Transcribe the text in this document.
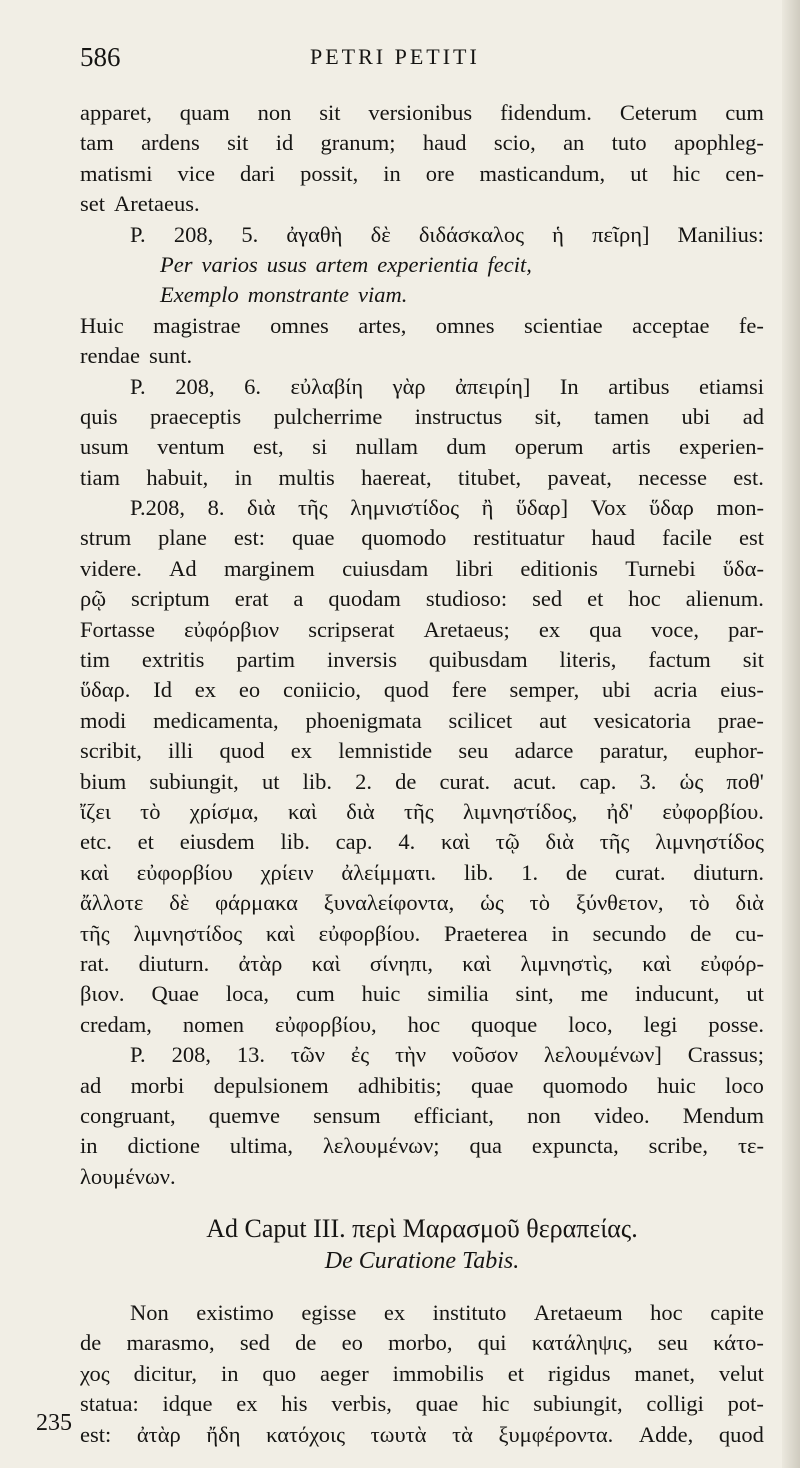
586	PETRI PETITI
apparet, quam non sit versionibus fidendum. Ceterum cum
tam ardens sit id granum; haud scio, an tuto apophleg-
matismi vice dari possit, in ore masticandum, ut hic cen-
set Aretaeus.
P. 208, 5. ἀγαθὴ δὲ διδάσκαλος ἡ πεῖρη] Manilius:
Per varios usus artem experientia fecit,
Exemplo monstrante viam.
Huic magistrae omnes artes, omnes scientiae acceptae fe-
rendae sunt.
P. 208, 6. εὐλαβίη γὰρ ἀπειρίη] In artibus etiamsi
quis praeceptis pulcherrime instructus sit, tamen ubi ad
usum ventum est, si nullam dum operum artis experien-
tiam habuit, in multis haereat, titubet, paveat, necesse est.
P.208, 8. διὰ τῆς λημνιστίδος ἢ ὕδαρ] Vox ὕδαρ mon-
strum plane est: quae quomodo restituatur haud facile est
videre. Ad marginem cuiusdam libri editionis Turnebi ὕδα-
ρῷ scriptum erat a quodam studioso: sed et hoc alienum.
Fortasse εὐφόρβιον scripserat Aretaeus; ex qua voce, par-
tim extritis partim inversis quibusdam literis, factum sit
ὕδαρ. Id ex eo coniicio, quod fere semper, ubi acria eius-
modi medicamenta, phoenigmata scilicet aut vesicatoria prae-
scribit, illi quod ex lemnistide seu adarce paratur, euphor-
bium subiungit, ut lib. 2. de curat. acut. cap. 3. ὡς ποθ'
ἴζει τὸ χρίσμα, καὶ διὰ τῆς λιμνηστίδος, ἠδ' εὐφορβίου.
etc. et eiusdem lib. cap. 4. καὶ τῷ διὰ τῆς λιμνηστίδος
καὶ εὐφορβίου χρίειν ἀλείμματι. lib. 1. de curat. diuturn.
ἄλλοτε δὲ φάρμακα ξυναλείφοντα, ὡς τὸ ξύνθετον, τὸ διὰ
τῆς λιμνηστίδος καὶ εὐφορβίου. Praeterea in secundo de cu-
rat. diuturn. ἀτὰρ καὶ σίνηπι, καὶ λιμνηστὶς, καὶ εὐφόρ-
βιον. Quae loca, cum huic similia sint, me inducunt, ut
credam, nomen εὐφορβίου, hoc quoque loco, legi posse.
P. 208, 13. τῶν ἐς τὴν νοῦσον λελουμένων] Crassus;
ad morbi depulsionem adhibitis; quae quomodo huic loco
congruant, quemve sensum efficiant, non video. Mendum
in dictione ultima, λελουμένων; qua expuncta, scribe, τε-
λουμένων.
Ad Caput III. περὶ Μαρασμοῦ θεραπείας.
De Curatione Tabis.
Non existimo egisse ex instituto Aretaeum hoc capite
de marasmo, sed de eo morbo, qui κατάληψις, seu κάτο-
χος dicitur, in quo aeger immobilis et rigidus manet, velut
statua: idque ex his verbis, quae hic subiungit, colligi pot-
est: ἀτὰρ ἤδη κατόχοις τωυτὰ τὰ ξυμφέροντα. Adde, quod
235
